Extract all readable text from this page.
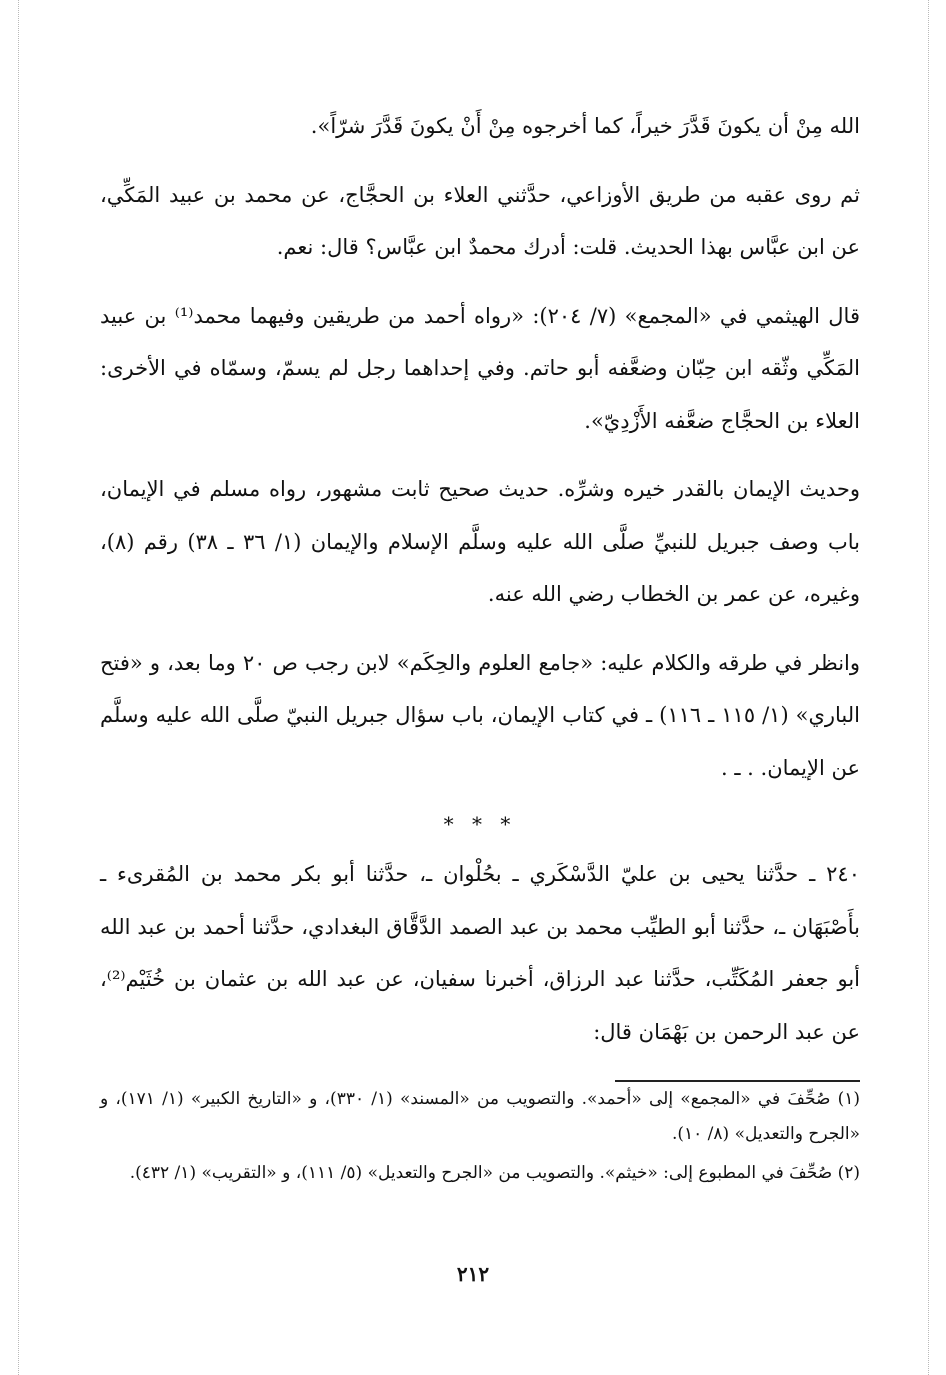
الله مِنْ أن يكونَ قَدَّرَ خيراً، كما أخرجوه مِنْ أَنْ يكونَ قَدَّرَ شرّاً».

ثم روى عقبه من طريق الأوزاعي، حدَّثني العلاء بن الحجَّاج، عن محمد بن عبيد المَكِّي، عن ابن عبَّاس بهذا الحديث. قلت: أدرك محمدٌ ابن عبَّاس؟ قال: نعم.

قال الهيثمي في «المجمع» (٧/ ٢٠٤): «رواه أحمد من طريقين وفيهما محمد⁽¹⁾ بن عبيد المَكِّي وثّقه ابن حِبّان وضعَّفه أبو حاتم. وفي إحداهما رجل لم يسمّ، وسمّاه في الأخرى: العلاء بن الحجَّاج ضعَّفه الأَزْدِيّ».

وحديث الإيمان بالقدر خيره وشرِّه. حديث صحيح ثابت مشهور، رواه مسلم في الإيمان، باب وصف جبريل للنبيِّ صلَّى الله عليه وسلَّم الإسلام والإيمان (١/ ٣٦ ـ ٣٨) رقم (٨)، وغيره، عن عمر بن الخطاب رضي الله عنه.

وانظر في طرقه والكلام عليه: «جامع العلوم والحِكَم» لابن رجب ص ٢٠ وما بعد، و «فتح الباري» (١/ ١١٥ ـ ١١٦) ـ في كتاب الإيمان، باب سؤال جبريل النبيّ صلَّى الله عليه وسلَّم عن الإيمان. . ـ .

* * *

٢٤٠ ـ حدَّثنا يحيى بن عليّ الدَّسْكَري ـ بحُلْوان ـ، حدَّثنا أبو بكر محمد بن المُقرىء ـ بأَصْبَهَان ـ، حدَّثنا أبو الطيِّب محمد بن عبد الصمد الدَّقَّاق البغدادي، حدَّثنا أحمد بن عبد الله أبو جعفر المُكَتِّب، حدَّثنا عبد الرزاق، أخبرنا سفيان، عن عبد الله بن عثمان بن خُثَيْم⁽²⁾، عن عبد الرحمن بن بَهْمَان قال:

(١) صُحِّفَ في «المجمع» إلى «أحمد». والتصويب من «المسند» (١/ ٣٣٠)، و «التاريخ الكبير» (١/ ١٧١)، و «الجرح والتعديل» (٨/ ١٠).

(٢) صُحِّفَ في المطبوع إلى: «خيثم». والتصويب من «الجرح والتعديل» (٥/ ١١١)، و «التقريب» (١/ ٤٣٢).

٢١٢
